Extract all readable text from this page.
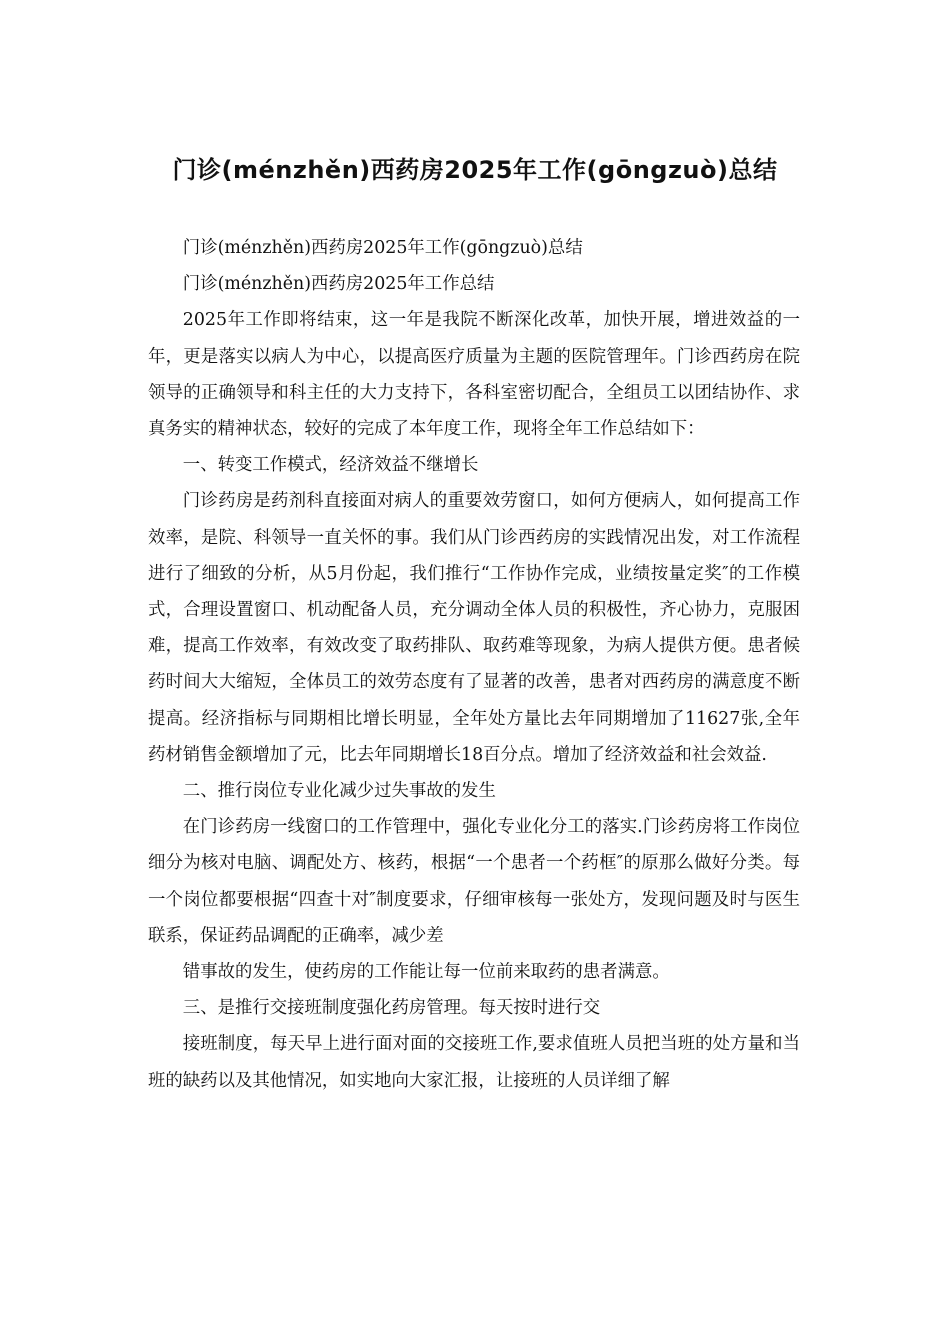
门诊(ménzhěn)西药房2025年工作(gōngzuò)总结

门诊(ménzhěn)西药房2025年工作(gōngzuò)总结

门诊(ménzhěn)西药房2025年工作总结

2025年工作即将结束，这一年是我院不断深化改革，加快开展，增进效益的一年，更是落实以病人为中心，以提高医疗质量为主题的医院管理年。门诊西药房在院领导的正确领导和科主任的大力支持下，各科室密切配合，全组员工以团结协作、求真务实的精神状态，较好的完成了本年度工作，现将全年工作总结如下：

一、转变工作模式，经济效益不继增长

门诊药房是药剂科直接面对病人的重要效劳窗口，如何方便病人，如何提高工作效率，是院、科领导一直关怀的事。我们从门诊西药房的实践情况出发，对工作流程进行了细致的分析，从5月份起，我们推行“工作协作完成，业绩按量定奖″的工作模式，合理设置窗口、机动配备人员，充分调动全体人员的积极性，齐心协力，克服困难，提高工作效率，有效改变了取药排队、取药难等现象，为病人提供方便。患者候药时间大大缩短，全体员工的效劳态度有了显著的改善，患者对西药房的满意度不断提高。经济指标与同期相比增长明显，全年处方量比去年同期增加了11627张,全年药材销售金额增加了元，比去年同期增长18百分点。增加了经济效益和社会效益.

二、推行岗位专业化减少过失事故的发生

在门诊药房一线窗口的工作管理中，强化专业化分工的落实.门诊药房将工作岗位细分为核对电脑、调配处方、核药，根据“一个患者一个药框″的原那么做好分类。每一个岗位都要根据“四查十对″制度要求，仔细审核每一张处方，发现问题及时与医生联系，保证药品调配的正确率，减少差

错事故的发生，使药房的工作能让每一位前来取药的患者满意。

三、是推行交接班制度强化药房管理。每天按时进行交

接班制度，每天早上进行面对面的交接班工作,要求值班人员把当班的处方量和当班的缺药以及其他情况，如实地向大家汇报，让接班的人员详细了解
